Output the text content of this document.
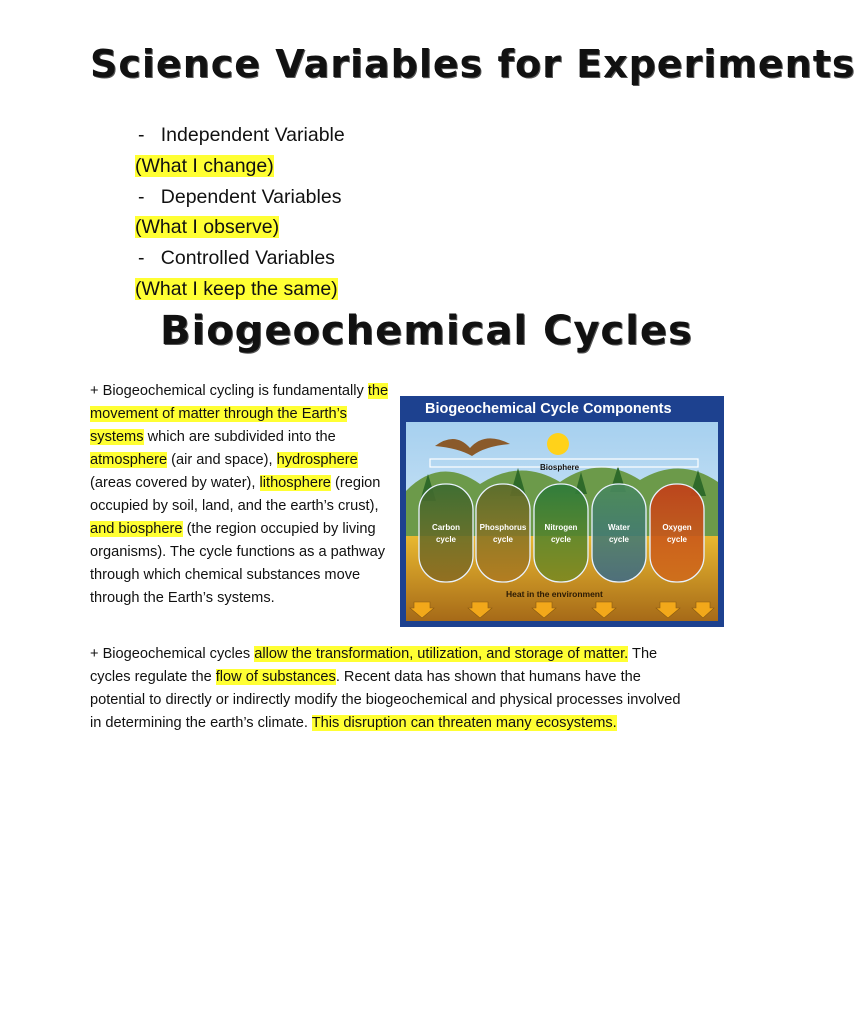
Science Variables for Experiments
- Independent Variable
(What I change)
- Dependent Variables
(What I observe)
- Controlled Variables
(What I keep the same)
Biogeochemical Cycles
+ Biogeochemical cycling is fundamentally the movement of matter through the Earth’s systems which are subdivided into the atmosphere (air and space), hydrosphere (areas covered by water), lithosphere (region occupied by soil, land, and the earth’s crust), and biosphere (the region occupied by living organisms). The cycle functions as a pathway through which chemical substances move through the Earth’s systems.
Biogeochemical Cycle Components
Biosphere
Carbon
cycle
Phosphorus
cycle
Nitrogen
cycle
Water
cycle
Oxygen
cycle
Heat in the environment
+ Biogeochemical cycles allow the transformation, utilization, and storage of matter. The cycles regulate the flow of substances. Recent data has shown that humans have the potential to directly or indirectly modify the biogeochemical and physical processes involved in determining the earth’s climate. This disruption can threaten many ecosystems.
